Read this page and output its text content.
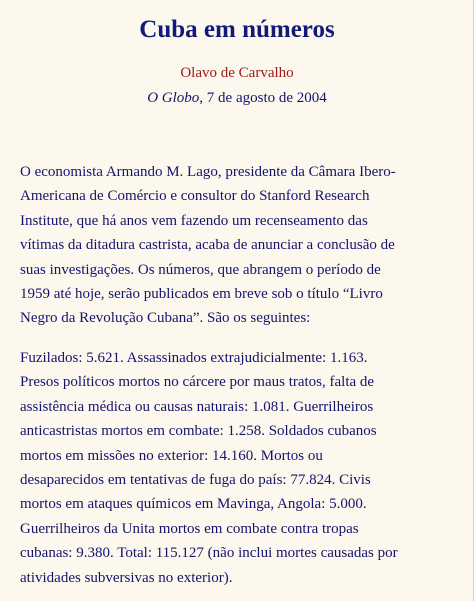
Cuba em números
Olavo de Carvalho
O Globo, 7 de agosto de 2004

O economista Armando M. Lago, presidente da Câmara Ibero-
Americana de Comércio e consultor do Stanford Research
Institute, que há anos vem fazendo um recenseamento das
vítimas da ditadura castrista, acaba de anunciar a conclusão de
suas investigações. Os números, que abrangem o período de
1959 até hoje, serão publicados em breve sob o título “Livro
Negro da Revolução Cubana”. São os seguintes:

Fuzilados: 5.621. Assassinados extrajudicialmente: 1.163.
Presos políticos mortos no cárcere por maus tratos, falta de
assistência médica ou causas naturais: 1.081. Guerrilheiros
anticastristas mortos em combate: 1.258. Soldados cubanos
mortos em missões no exterior: 14.160. Mortos ou
desaparecidos em tentativas de fuga do país: 77.824. Civis
mortos em ataques químicos em Mavinga, Angola: 5.000.
Guerrilheiros da Unita mortos em combate contra tropas
cubanas: 9.380. Total: 115.127 (não inclui mortes causadas por
atividades subversivas no exterior).
